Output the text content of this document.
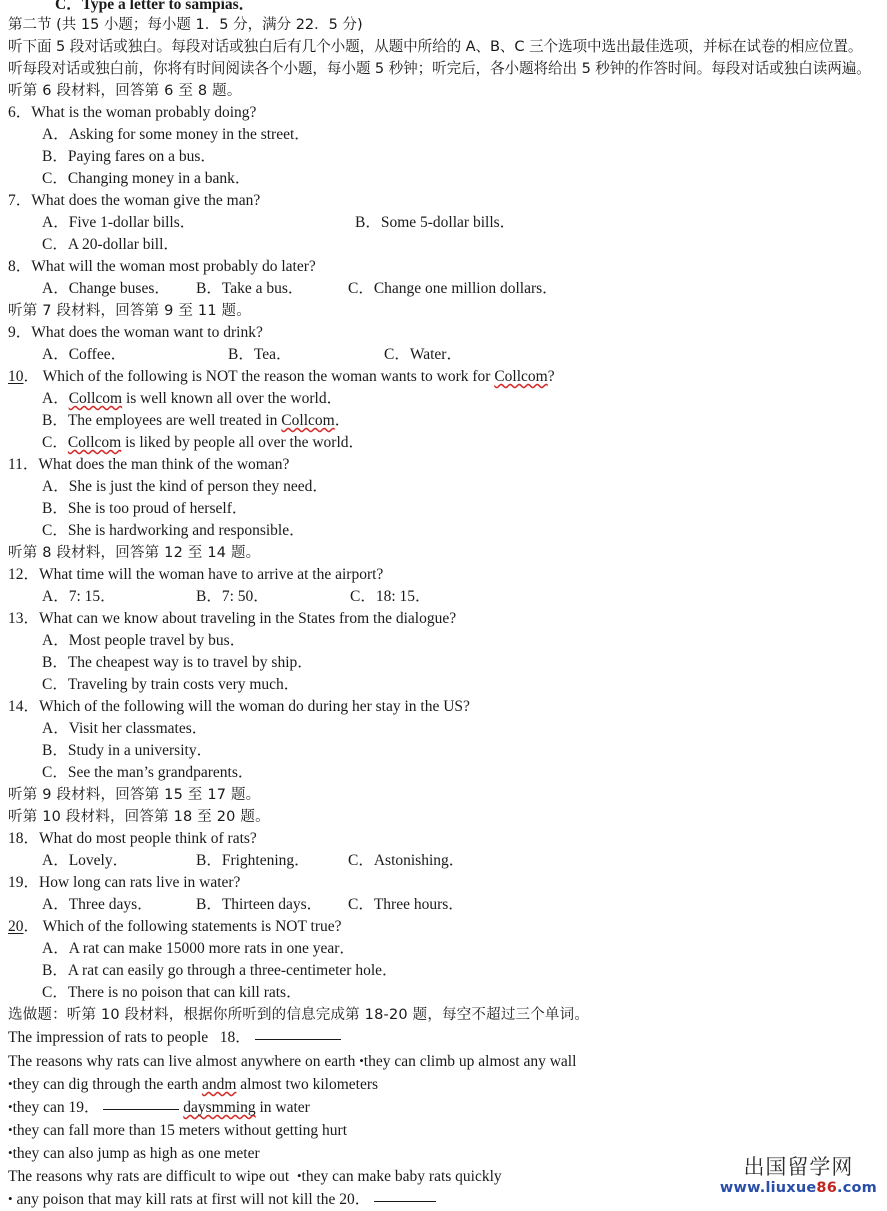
C．Type a letter to sampias．
第二节 (共 15 小题；每小题 1．5 分，满分 22．5 分)
听下面 5 段对话或独白。每段对话或独白后有几个小题，从题中所给的 A、B、C 三个选项中选出最佳选项，并标在试卷的相应位置。
听每段对话或独白前，你将有时间阅读各个小题，每小题 5 秒钟；听完后，各小题将给出 5 秒钟的作答时间。每段对话或独白读两遍。
听第 6 段材料，回答第 6 至 8 题。
6．What is the woman probably doing?
A．Asking for some money in the street．
B．Paying fares on a bus．
C．Changing money in a bank．
7．What does the woman give the man?
A．Five 1-dollar bills．	B．Some 5-dollar bills．
C．A 20-dollar bill．
8．What will the woman most probably do later?
A．Change buses． B．Take a bus．	C．Change one million dollars．
听第 7 段材料，回答第 9 至 11 题。
9．What does the woman want to drink?
A．Coffee．	B．Tea．	C．Water．
10． Which of the following is NOT the reason the woman wants to work for Collcom?
A．Collcom is well known all over the world．
B．The employees are well treated in Collcom．
C．Collcom is liked by people all over the world．
11．What does the man think of the woman?
A．She is just the kind of person they need．
B．She is too proud of herself．
C．She is hardworking and responsible．
听第 8 段材料，回答第 12 至 14 题。
12．What time will the woman have to arrive at the airport?
A．7: 15．	B．7: 50．	C．18: 15．
13．What can we know about traveling in the States from the dialogue?
A．Most people travel by bus．
B．The cheapest way is to travel by ship．
C．Traveling by train costs very much．
14．Which of the following will the woman do during her stay in the US?
A．Visit her classmates．
B．Study in a university．
C．See the man’s grandparents．
听第 9 段材料，回答第 15 至 17 题。
听第 10 段材料，回答第 18 至 20 题。
18．What do most people think of rats?
A．Lovely．	B．Frightening． C．Astonishing．
19．How long can rats live in water?
A．Three days．	B．Thirteen days． C．Three hours．
20． Which of the following statements is NOT true?
A．A rat can make 15000 more rats in one year．
B．A rat can easily go through a three-centimeter hole．
C．There is no poison that can kill rats．
选做题：听第 10 段材料，根据你所听到的信息完成第 18-20 题，每空不超过三个单词。
The impression of rats to people 18．
The reasons why rats can live almost anywhere on earth •they can climb up almost any wall
•they can dig through the earth andm almost two kilometers
•they can 19．	daysmming in water
•they can fall more than 15 meters without getting hurt
•they can also jump as high as one meter
The reasons why rats are difficult to wipe out •they can make baby rats quickly
• any poison that may kill rats at first will not kill the 20．
出国留学网
www.liuxue86.com
